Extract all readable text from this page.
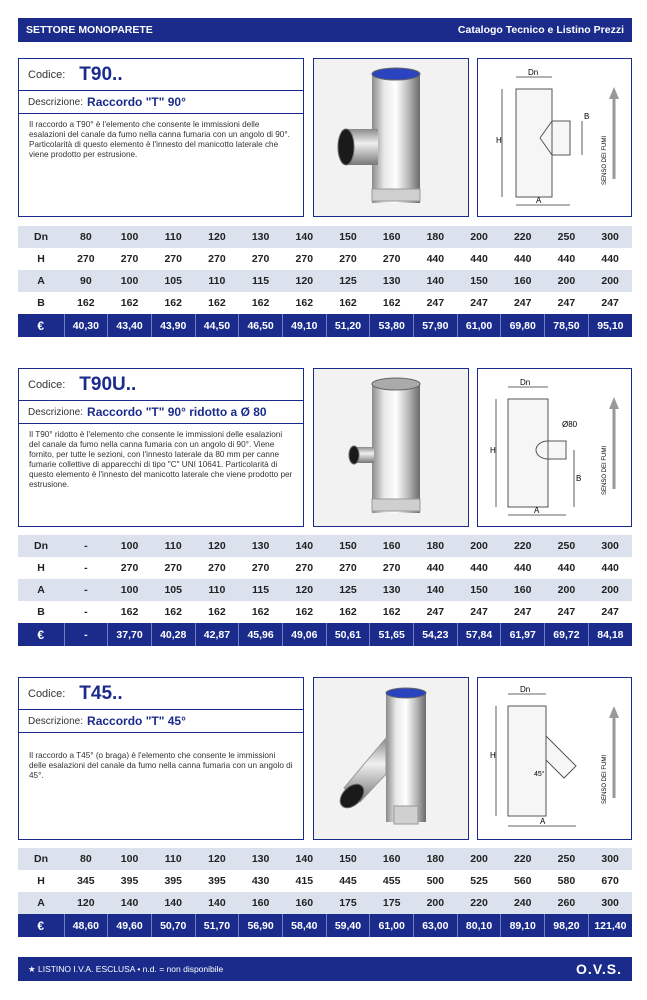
SETTORE MONOPARETE	Catalogo Tecnico e Listino Prezzi
Codice: T90..
Descrizione: Raccordo "T" 90°
Il raccordo a T90° è l'elemento che consente le immissioni delle esalazioni del canale da fumo nella canna fumaria con un angolo di 90°. Particolarità di questo elemento è l'innesto del manicotto laterale che viene prodotto per estrusione.
Dn
H
B
A
SENSO DEI FUMI
Dn	80	100	110	120	130	140	150	160	180	200	220	250	300
H	270	270	270	270	270	270	270	270	440	440	440	440	440
A	90	100	105	110	115	120	125	130	140	150	160	200	200
B	162	162	162	162	162	162	162	162	247	247	247	247	247
€	40,30	43,40	43,90	44,50	46,50	49,10	51,20	53,80	57,90	61,00	69,80	78,50	95,10
Codice: T90U..
Descrizione: Raccordo "T" 90° ridotto a Ø 80
Il T90° ridotto è l'elemento che consente le immissioni delle esalazioni del canale da fumo nella canna fumaria con un angolo di 90°. Viene fornito, per tutte le sezioni, con l'innesto laterale da 80 mm per canne fumarie collettive di apparecchi di tipo "C" UNI 10641. Particolarità di questo elemento è l'innesto del manicotto laterale che viene prodotto per estrusione.
Dn
H
Ø80
B
A
SENSO DEI FUMI
Dn	-	100	110	120	130	140	150	160	180	200	220	250	300
H	-	270	270	270	270	270	270	270	440	440	440	440	440
A	-	100	105	110	115	120	125	130	140	150	160	200	200
B	-	162	162	162	162	162	162	162	247	247	247	247	247
€	-	37,70	40,28	42,87	45,96	49,06	50,61	51,65	54,23	57,84	61,97	69,72	84,18
Codice: T45..
Descrizione: Raccordo "T" 45°
Il raccordo a T45° (o braga) è l'elemento che consente le immissioni delle esalazioni del canale da fumo nella canna fumaria con un angolo di 45°.
Dn
H
45°
A
SENSO DEI FUMI
Dn	80	100	110	120	130	140	150	160	180	200	220	250	300
H	345	395	395	395	430	415	445	455	500	525	560	580	670
A	120	140	140	140	160	160	175	175	200	220	240	260	300
€	48,60	49,60	50,70	51,70	56,90	58,40	59,40	61,00	63,00	80,10	89,10	98,20	121,40
★ LISTINO I.V.A. ESCLUSA • n.d. = non disponibile	O.V.S.
